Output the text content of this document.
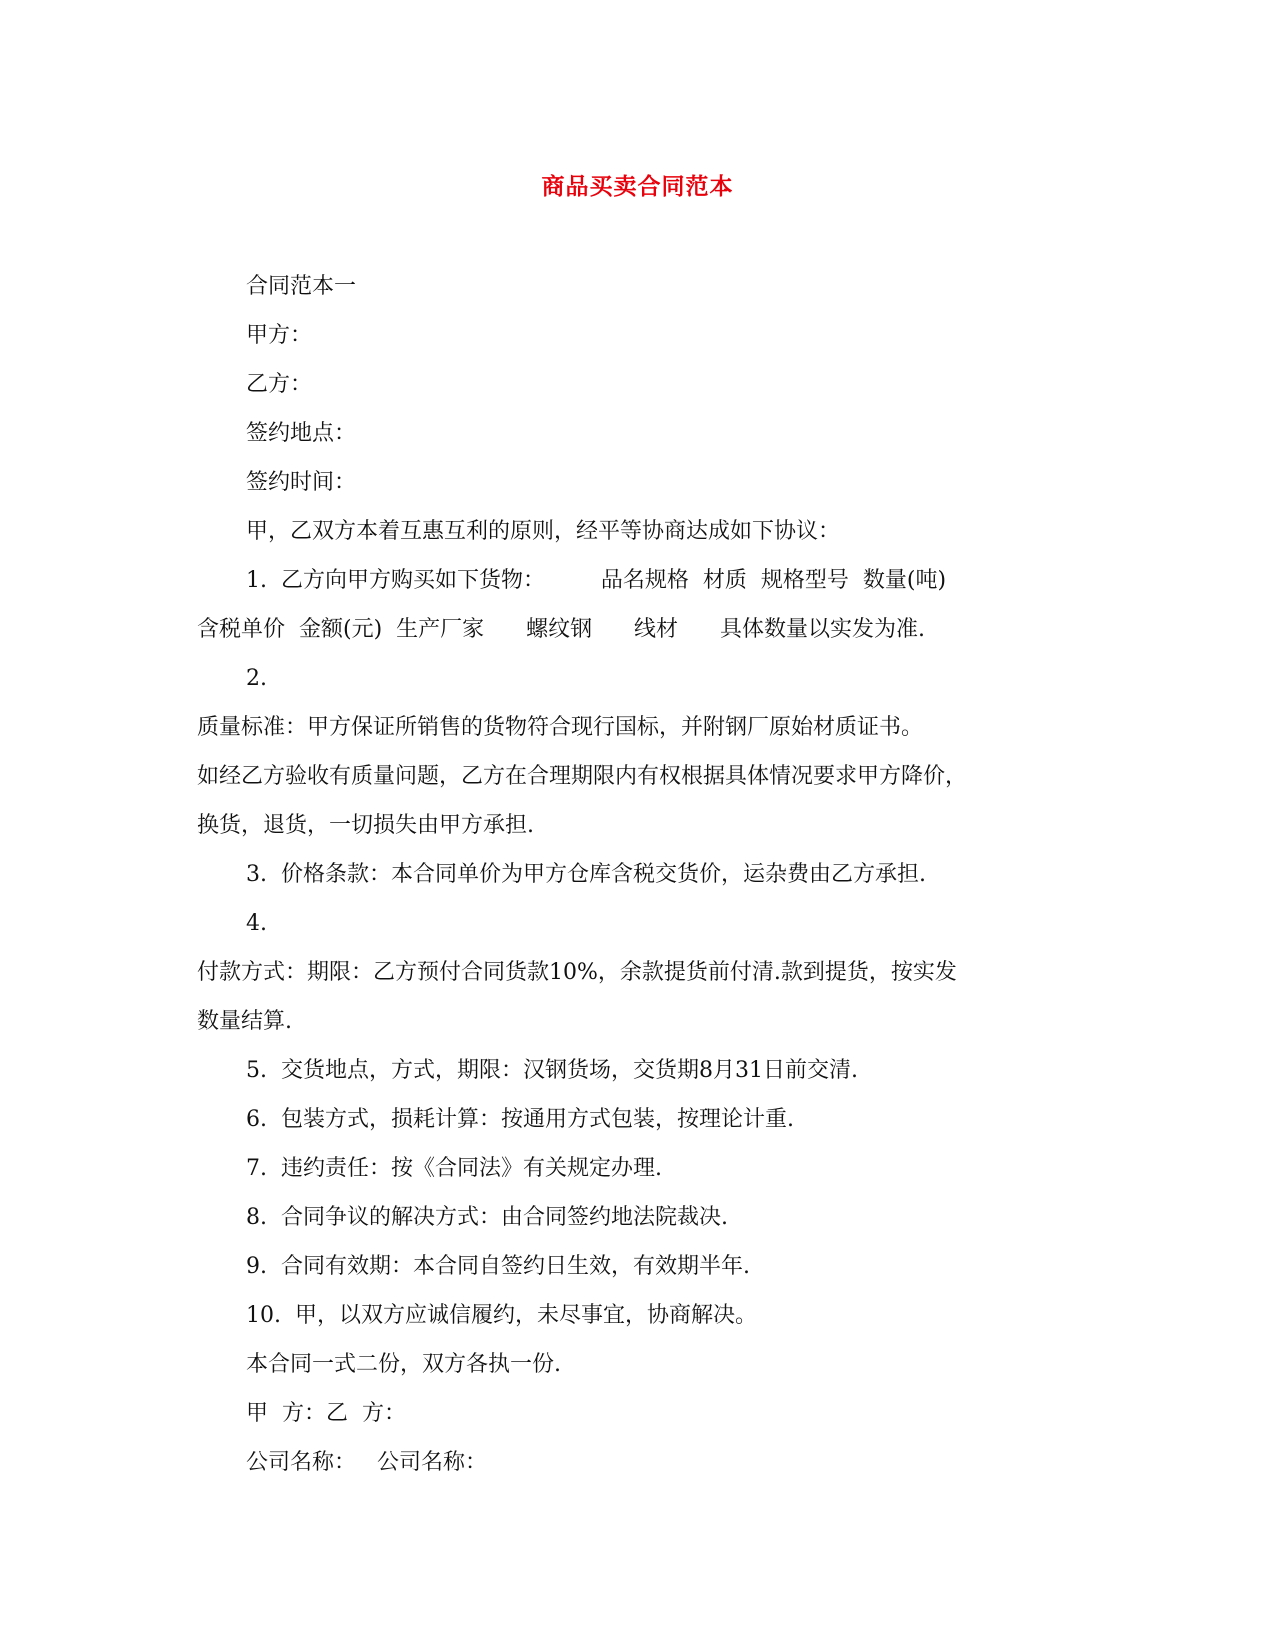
商品买卖合同范本
合同范本一
甲方：
乙方：
签约地点：
签约时间：
甲，乙双方本着互惠互利的原则，经平等协商达成如下协议：
1.  乙方向甲方购买如下货物：        品名规格  材质  规格型号  数量(吨)
含税单价  金额(元)  生产厂家      螺纹钢      线材      具体数量以实发为准.
2.
质量标准：甲方保证所销售的货物符合现行国标，并附钢厂原始材质证书。
如经乙方验收有质量问题，乙方在合理期限内有权根据具体情况要求甲方降价，
换货，退货，一切损失由甲方承担.
3.  价格条款：本合同单价为甲方仓库含税交货价，运杂费由乙方承担.
4.
付款方式：期限：乙方预付合同货款10%，余款提货前付清.款到提货，按实发
数量结算.
5.  交货地点，方式，期限：汉钢货场，交货期8月31日前交清.
6.  包装方式，损耗计算：按通用方式包装，按理论计重.
7.  违约责任：按《合同法》有关规定办理.
8.  合同争议的解决方式：由合同签约地法院裁决.
9.  合同有效期：本合同自签约日生效，有效期半年.
10.  甲，以双方应诚信履约，未尽事宜，协商解决。
本合同一式二份，双方各执一份.
甲  方：乙  方：
公司名称：   公司名称：
